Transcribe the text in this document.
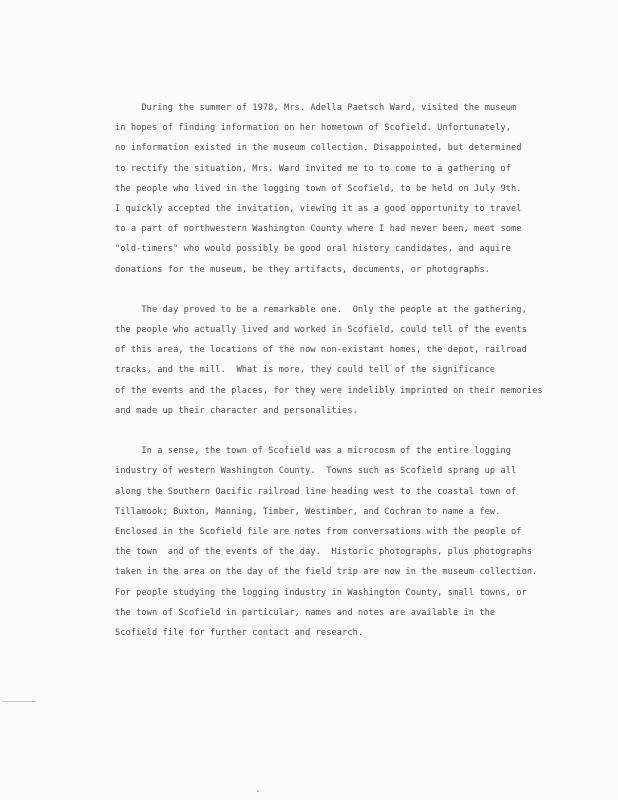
During the summer of 1978, Mrs. Adella Paetsch Ward, visited the museum
in hopes of finding information on her hometown of Scofield. Unfortunately,
no information existed in the museum collection. Disappointed, but determined
to rectify the situation, Mrs. Ward invited me to to come to a gathering of
the people who lived in the logging town of Scofield, to be held on July 9th.
I quickly accepted the invitation, viewing it as a good opportunity to travel
to a part of northwestern Washington County where I had never been, meet some
"old-timers" who would possibly be good oral history candidates, and aquire
donations for the museum, be they artifacts, documents, or photographs.
The day proved to be a remarkable one.  Only the people at the gathering,
the people who actually lived and worked in Scofield, could tell of the events
of this area, the locations of the now non-existant homes, the depot, railroad
tracks, and the mill.  What is more, they could tell of the significance
of the events and the places, for they were indelibly imprinted on their memories
and made up their character and personalities.
In a sense, the town of Scofield was a microcosm of the entire logging
industry of western Washington County.  Towns such as Scofield sprang up all
along the Southern Oacific railroad line heading west to the coastal town of
Tillamook; Buxton, Manning, Timber, Westimber, and Cochran to name a few.
Enclosed in the Scofield file are notes from conversations with the people of
the town  and of the events of the day.  Historic photographs, plus photographs
taken in the area on the day of the field trip are now in the museum collection.
For people studying the logging industry in Washington County, small towns, or
the town of Scofield in particular, names and notes are available in the
Scofield file for further contact and research.
